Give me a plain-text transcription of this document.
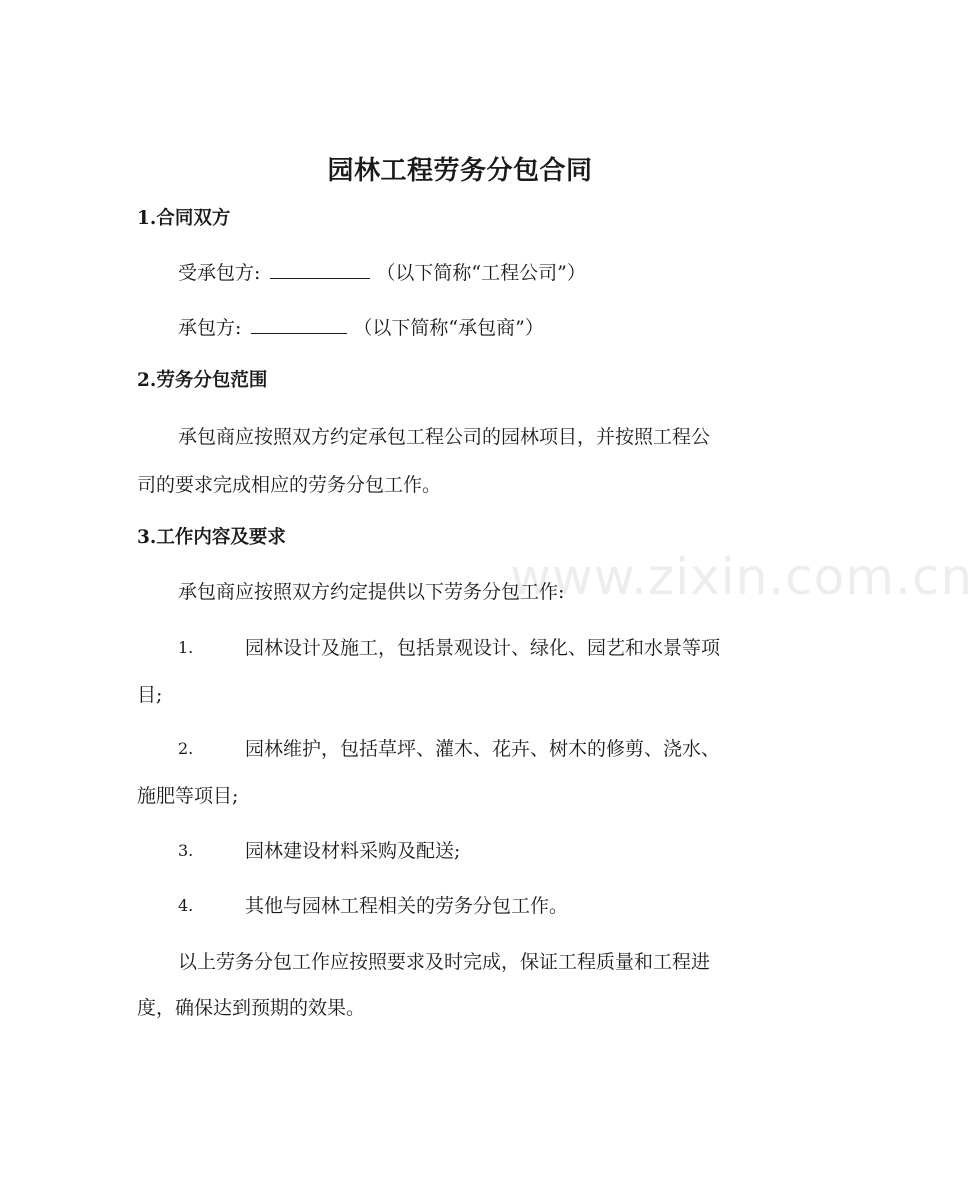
www.zixin.com.cn
园林工程劳务分包合同

1.合同双方

受承包方:	（以下简称“工程公司”）

承包方:	（以下简称“承包商”）

2.劳务分包范围

承包商应按照双方约定承包工程公司的园林项目，并按照工程公

司的要求完成相应的劳务分包工作。

3.工作内容及要求

承包商应按照双方约定提供以下劳务分包工作:

1.	园林设计及施工，包括景观设计、绿化、园艺和水景等项

目;

2.	园林维护，包括草坪、灌木、花卉、树木的修剪、浇水、

施肥等项目;

3.	园林建设材料采购及配送;

4.	其他与园林工程相关的劳务分包工作。

以上劳务分包工作应按照要求及时完成，保证工程质量和工程进

度，确保达到预期的效果。
